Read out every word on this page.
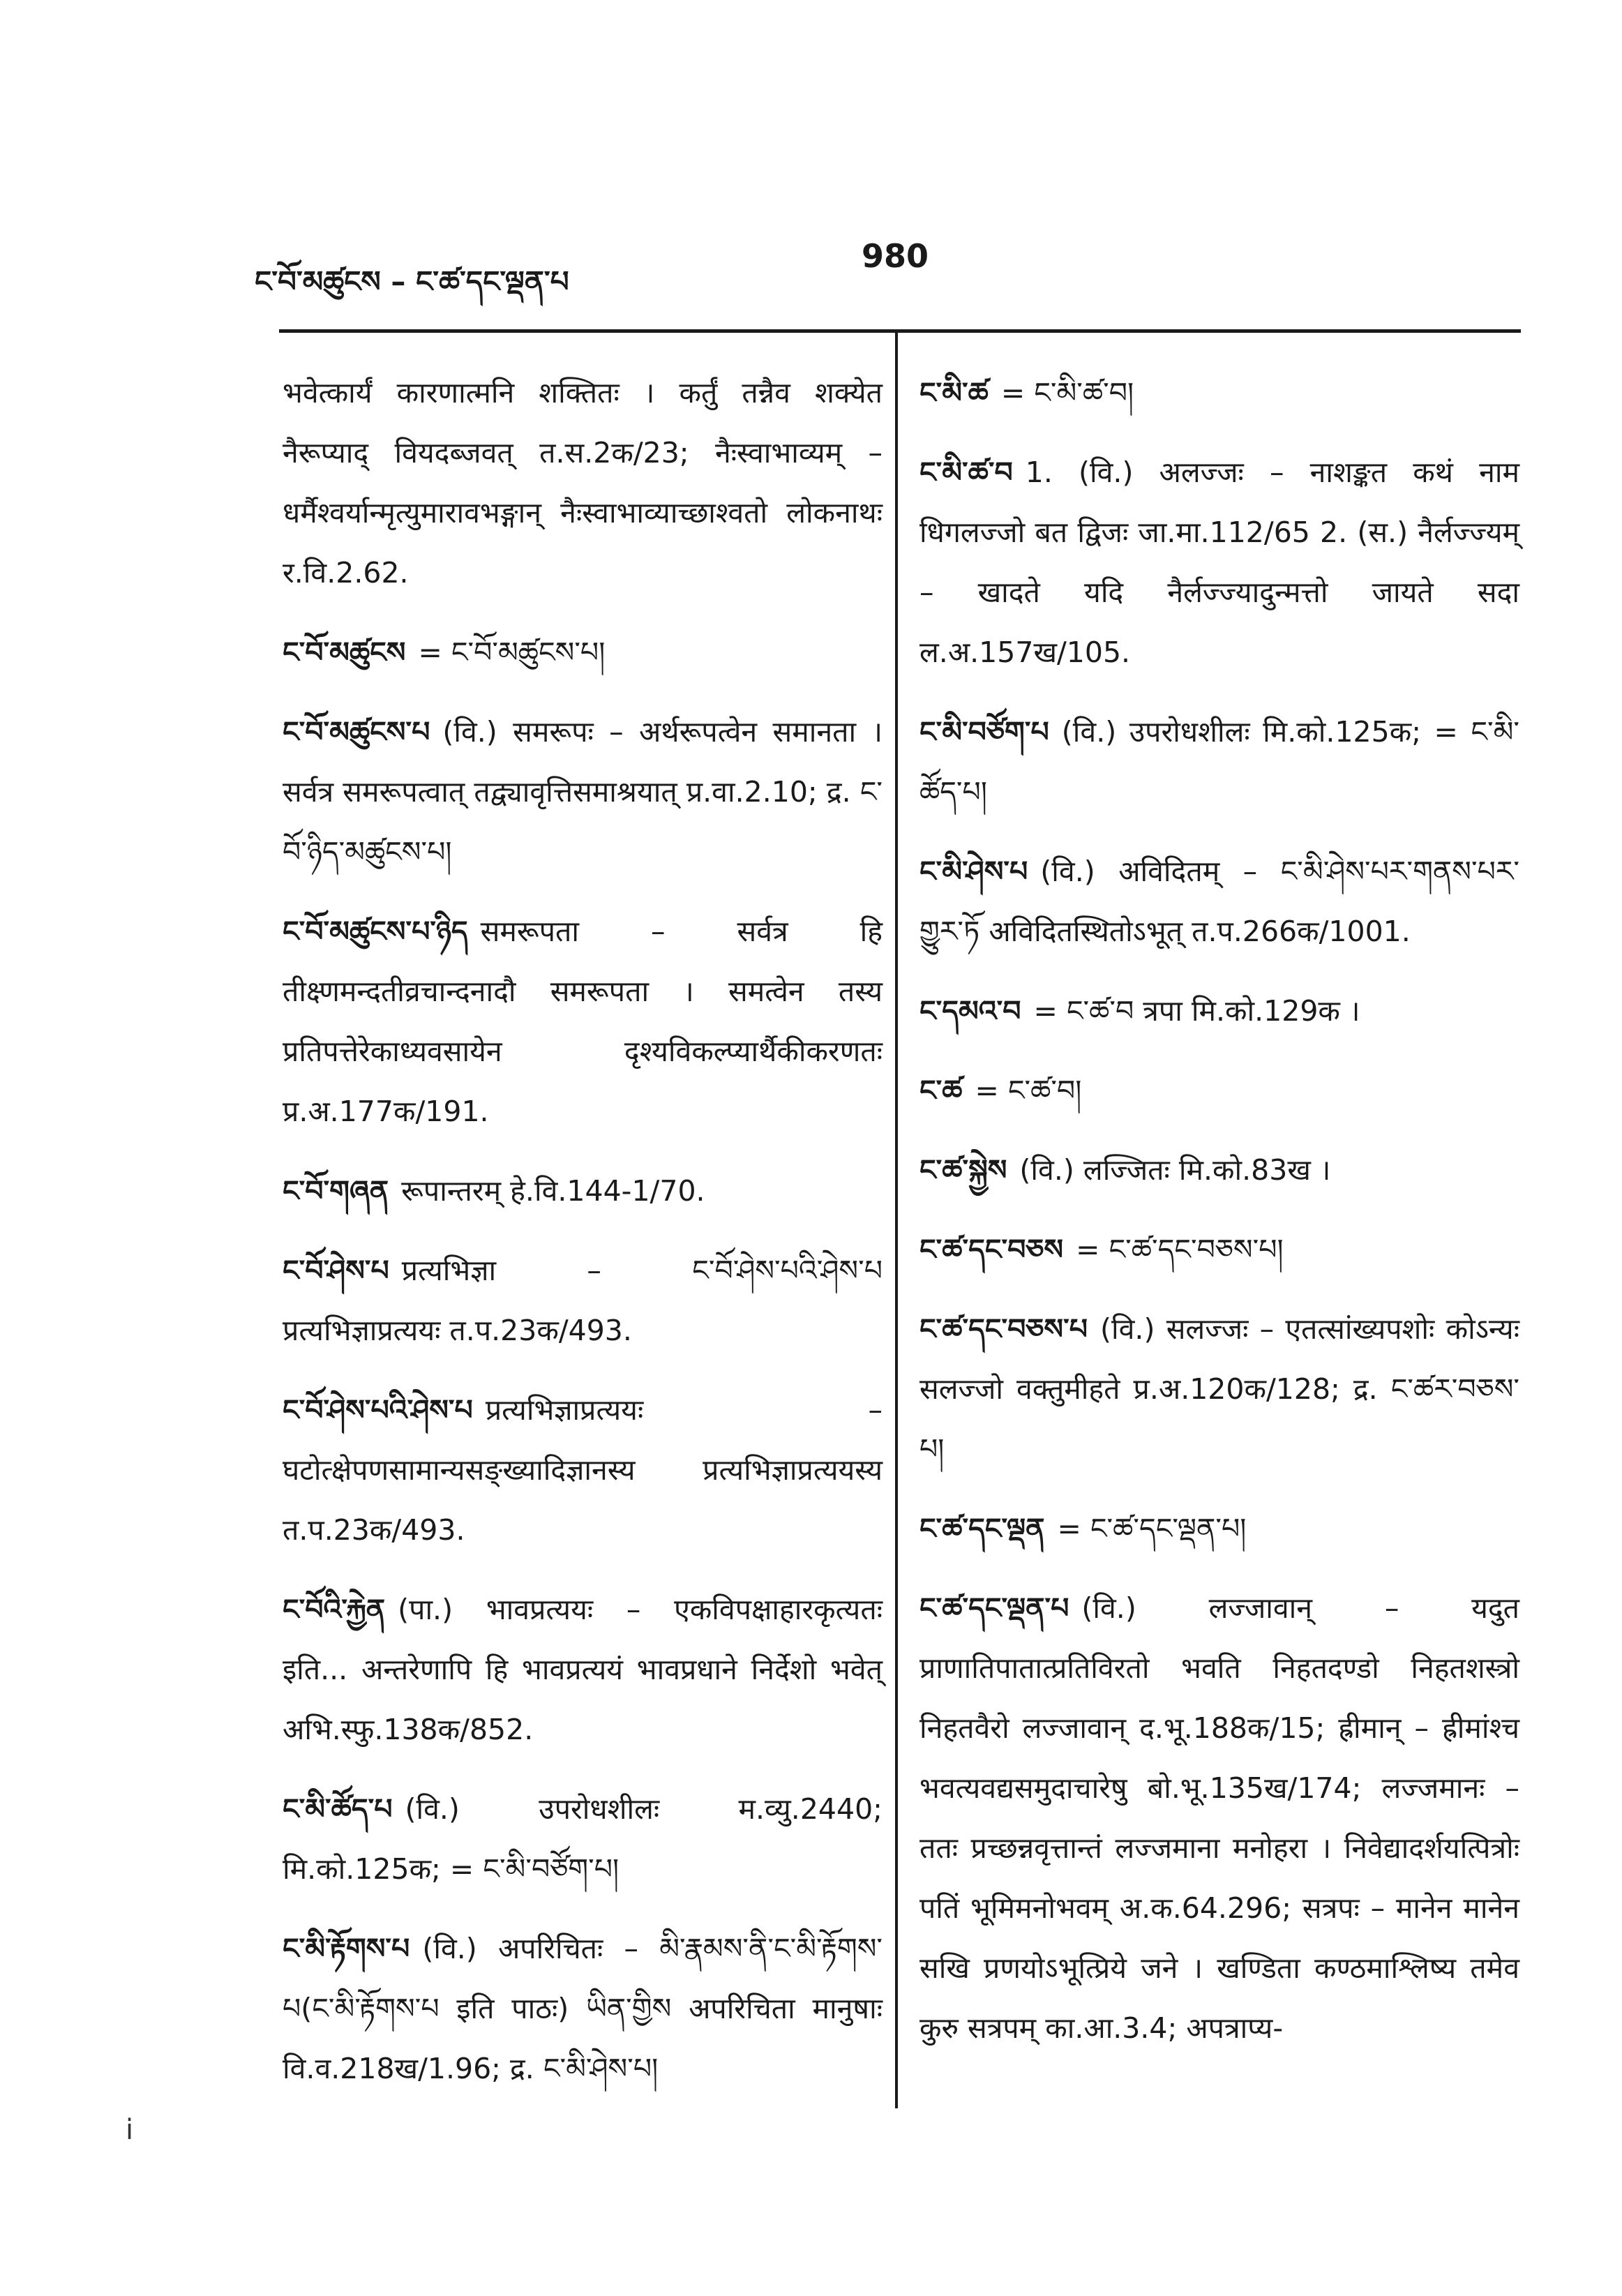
ང་བོ་མཚུངས – ང་ཚ་དང་ལྡན་པ
980
भवेत्कार्यं कारणात्मनि शक्तितः । कर्तुं तन्नैव शक्येत नैरूप्याद् वियदब्जवत् त.स.2क/23; नैःस्वाभाव्यम् – धर्मैश्वर्यान्मृत्युमारावभङ्गान् नैःस्वाभाव्याच्छाश्वतो लोकनाथः र.वि.2.62.
ང་བོ་མཚུངས = ང་བོ་མཚུངས་པ།
ང་བོ་མཚུངས་པ (वि.) समरूपः – अर्थरूपत्वेन समानता । सर्वत्र समरूपत्वात् तद्व्यावृत्तिसमाश्रयात् प्र.वा.2.10; द्र. ང་བོ་ཉིད་མཚུངས་པ།
ང་བོ་མཚུངས་པ་ཉིད समरूपता – सर्वत्र हि तीक्ष्णमन्दतीव्रचान्दनादौ समरूपता । समत्वेन तस्य प्रतिपत्तेरेकाध्यवसायेन दृश्यविकल्प्यार्थैकीकरणतः प्र.अ.177क/191.
ང་བོ་གཞན रूपान्तरम् हे.वि.144-1/70.
ང་བོ་ཤེས་པ प्रत्यभिज्ञा – ང་བོ་ཤེས་པའི་ཤེས་པ प्रत्यभिज्ञाप्रत्ययः त.प.23क/493.
ང་བོ་ཤེས་པའི་ཤེས་པ प्रत्यभिज्ञाप्रत्ययः – घटोत्क्षेपणसामान्यसङ्ख्यादिज्ञानस्य प्रत्यभिज्ञाप्रत्ययस्य त.प.23क/493.
ང་བོའི་རྐྱེན (पा.) भावप्रत्ययः – एकविपक्षाहारकृत्यतः इति... अन्तरेणापि हि भावप्रत्ययं भावप्रधाने निर्देशो भवेत् अभि.स्फु.138क/852.
ང་མི་ཚོད་པ (वि.) उपरोधशीलः म.व्यु.2440; मि.को.125क; = ང་མི་བཙོག་པ།
ང་མི་རྟོགས་པ (वि.) अपरिचितः – མི་རྣམས་ནི་ང་མི་རྟོགས་པ(ང་མི་རྟོགས་པ इति पाठः) ཡིན་གྱིས अपरिचिता मानुषाः वि.व.218ख/1.96; द्र. ང་མི་ཤེས་པ།
ང་མི་ཚ = ང་མི་ཚ་བ།
ང་མི་ཚ་བ 1. (वि.) अलज्जः – नाशङ्कत कथं नाम धिगलज्जो बत द्विजः जा.मा.112/65 2. (स.) नैर्लज्ज्यम् – खादते यदि नैर्लज्ज्यादुन्मत्तो जायते सदा ल.अ.157ख/105.
ང་མི་བཙོག་པ (वि.) उपरोधशीलः मि.को.125क; = ང་མི་ཚོད་པ།
ང་མི་ཤེས་པ (वि.) अविदितम् – ང་མི་ཤེས་པར་གནས་པར་གྱུར་ཏོ अविदितस्थितोऽभूत् त.प.266क/1001.
ང་དམའ་བ = ང་ཚ་བ त्रपा मि.को.129क ।
ང་ཚ = ང་ཚ་བ།
ང་ཚ་སྐྱེས (वि.) लज्जितः मि.को.83ख ।
ང་ཚ་དང་བཅས = ང་ཚ་དང་བཅས་པ།
ང་ཚ་དང་བཅས་པ (वि.) सलज्जः – एतत्सांख्यपशोः कोऽन्यः सलज्जो वक्तुमीहते प्र.अ.120क/128; द्र. ང་ཚར་བཅས་པ།
ང་ཚ་དང་ལྡན = ང་ཚ་དང་ལྡན་པ།
ང་ཚ་དང་ལྡན་པ (वि.) लज्जावान् – यदुत प्राणातिपातात्प्रतिविरतो भवति निहतदण्डो निहतशस्त्रो निहतवैरो लज्जावान् द.भू.188क/15; ह्रीमान् – ह्रीमांश्च भवत्यवद्यसमुदाचारेषु बो.भू.135ख/174; लज्जमानः – ततः प्रच्छन्नवृत्तान्तं लज्जमाना मनोहरा । निवेद्यादर्शयत्पित्रोः पतिं भूमिमनोभवम् अ.क.64.296; सत्रपः – मानेन मानेन सखि प्रणयोऽभूत्प्रिये जने । खण्डिता कण्ठमाश्लिष्य तमेव कुरु सत्रपम् का.आ.3.4; अपत्राप्य-
i
